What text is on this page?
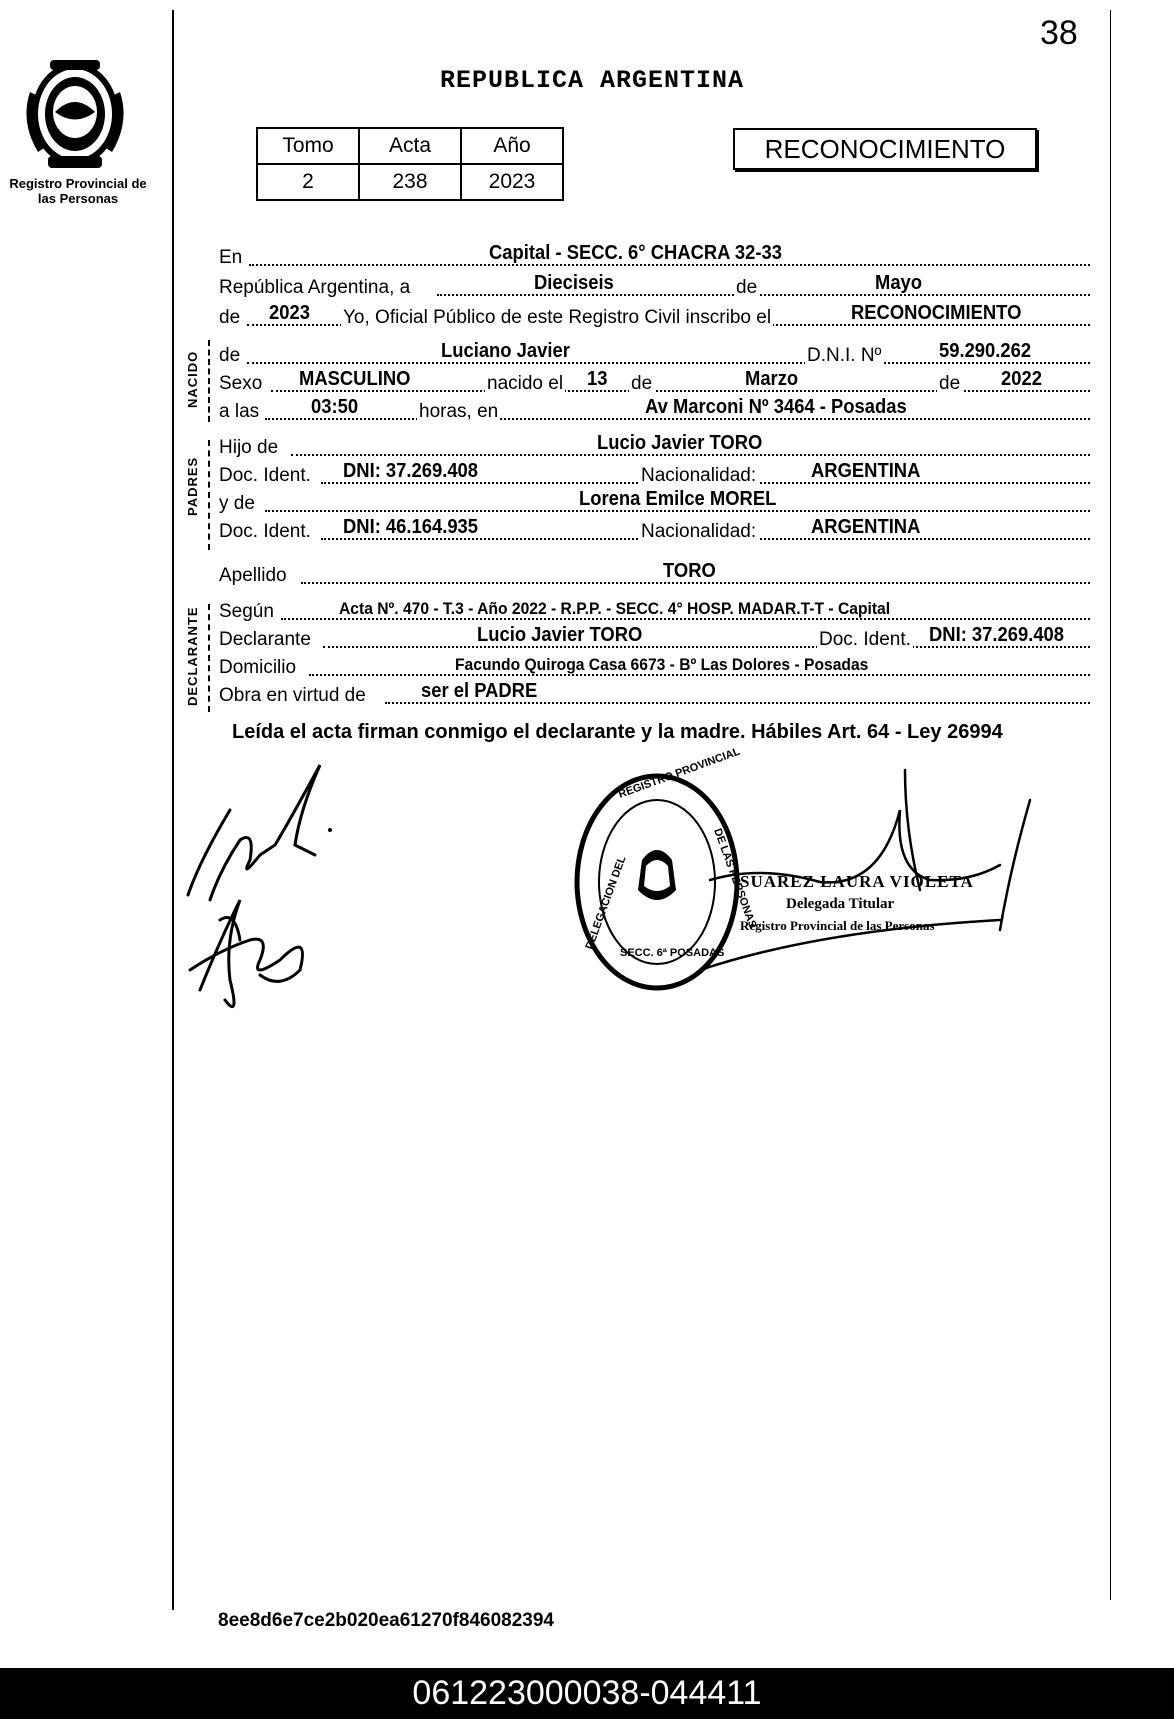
38
Registro Provincial de las Personas
REPUBLICA ARGENTINA
Tomo	Acta	Año
2	238	2023
RECONOCIMIENTO
En	Capital - SECC. 6° CHACRA 32-33
República Argentina, a	Dieciseis	de	Mayo
de 2023 Yo, Oficial Público de este Registro Civil inscribo el	RECONOCIMIENTO
NACIDO de	Luciano Javier	D.N.I. Nº	59.290.262
Sexo MASCULINO	nacido el 13 de	Marzo	de 2022
a las	03:50	horas, en	Av Marconi Nº 3464 - Posadas
PADRES
Hijo de	Lucio Javier TORO
Doc. Ident. DNI: 37.269.408	Nacionalidad:	ARGENTINA
y de	Lorena Emilce MOREL
Doc. Ident. DNI: 46.164.935	Nacionalidad:	ARGENTINA
Apellido	TORO
DECLARANTE Según	Acta Nº. 470 - T.3 - Año 2022 - R.P.P. - SECC. 4° HOSP. MADAR.T-T - Capital
Declarante	Lucio Javier TORO	Doc. Ident. DNI: 37.269.408
Domicilio	Facundo Quiroga Casa 6673 - Bº Las Dolores - Posadas
Obra en virtud de	ser el PADRE
Leída el acta firman conmigo el declarante y la madre. Hábiles Art. 64 - Ley 26994
DELEGACION DEL
REGISTRO PROVINCIAL
DE LAS PERSONAS
SECC. 6ª POSADAS
SUAREZ LAURA VIOLETA
Delegada Titular
Registro Provincial de las Personas
8ee8d6e7ce2b020ea61270f846082394
061223000038-044411
